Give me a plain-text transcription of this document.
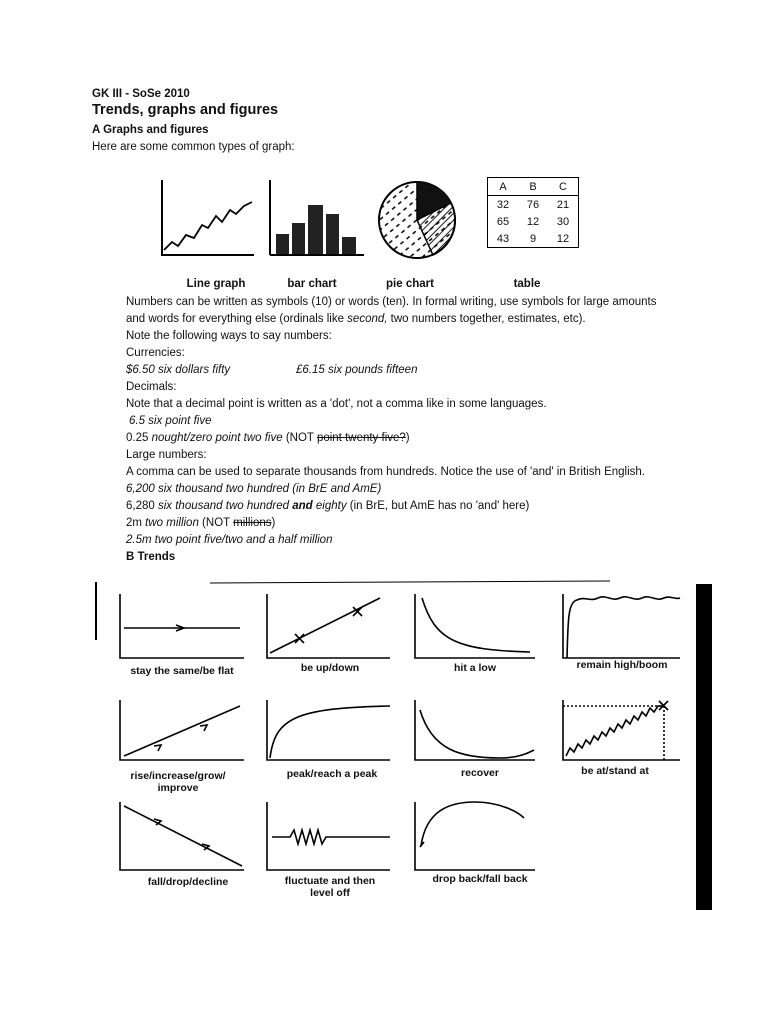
GK III - SoSe 2010
Trends, graphs and figures
A Graphs and figures
Here are some common types of graph:
A	B	C
32	76	21
65	12	30
43	9	12
Line graph	bar chart	pie chart	table
Numbers can be written as symbols (10) or words (ten). In formal writing, use symbols for large amounts
and words for everything else (ordinals like second, two numbers together, estimates, etc).
Note the following ways to say numbers:
Currencies:
$6.50 six dollars fifty	£6.15 six pounds fifteen
Decimals:
Note that a decimal point is written as a 'dot', not a comma like in some languages.
6.5 six point five
0.25 nought/zero point two five (NOT point twenty five?)
Large numbers:
A comma can be used to separate thousands from hundreds. Notice the use of 'and' in British English.
6,200 six thousand two hundred (in BrE and AmE)
6,280 six thousand two hundred and eighty (in BrE, but AmE has no 'and' here)
2m two million (NOT millions)
2.5m two point five/two and a half million
B Trends
stay the same/be flat	be up/down	hit a low	remain high/boom
rise/increase/grow/ improve
peak/reach a peak	recover	be at/stand at
fall/drop/decline	fluctuate and then level off
drop back/fall back
